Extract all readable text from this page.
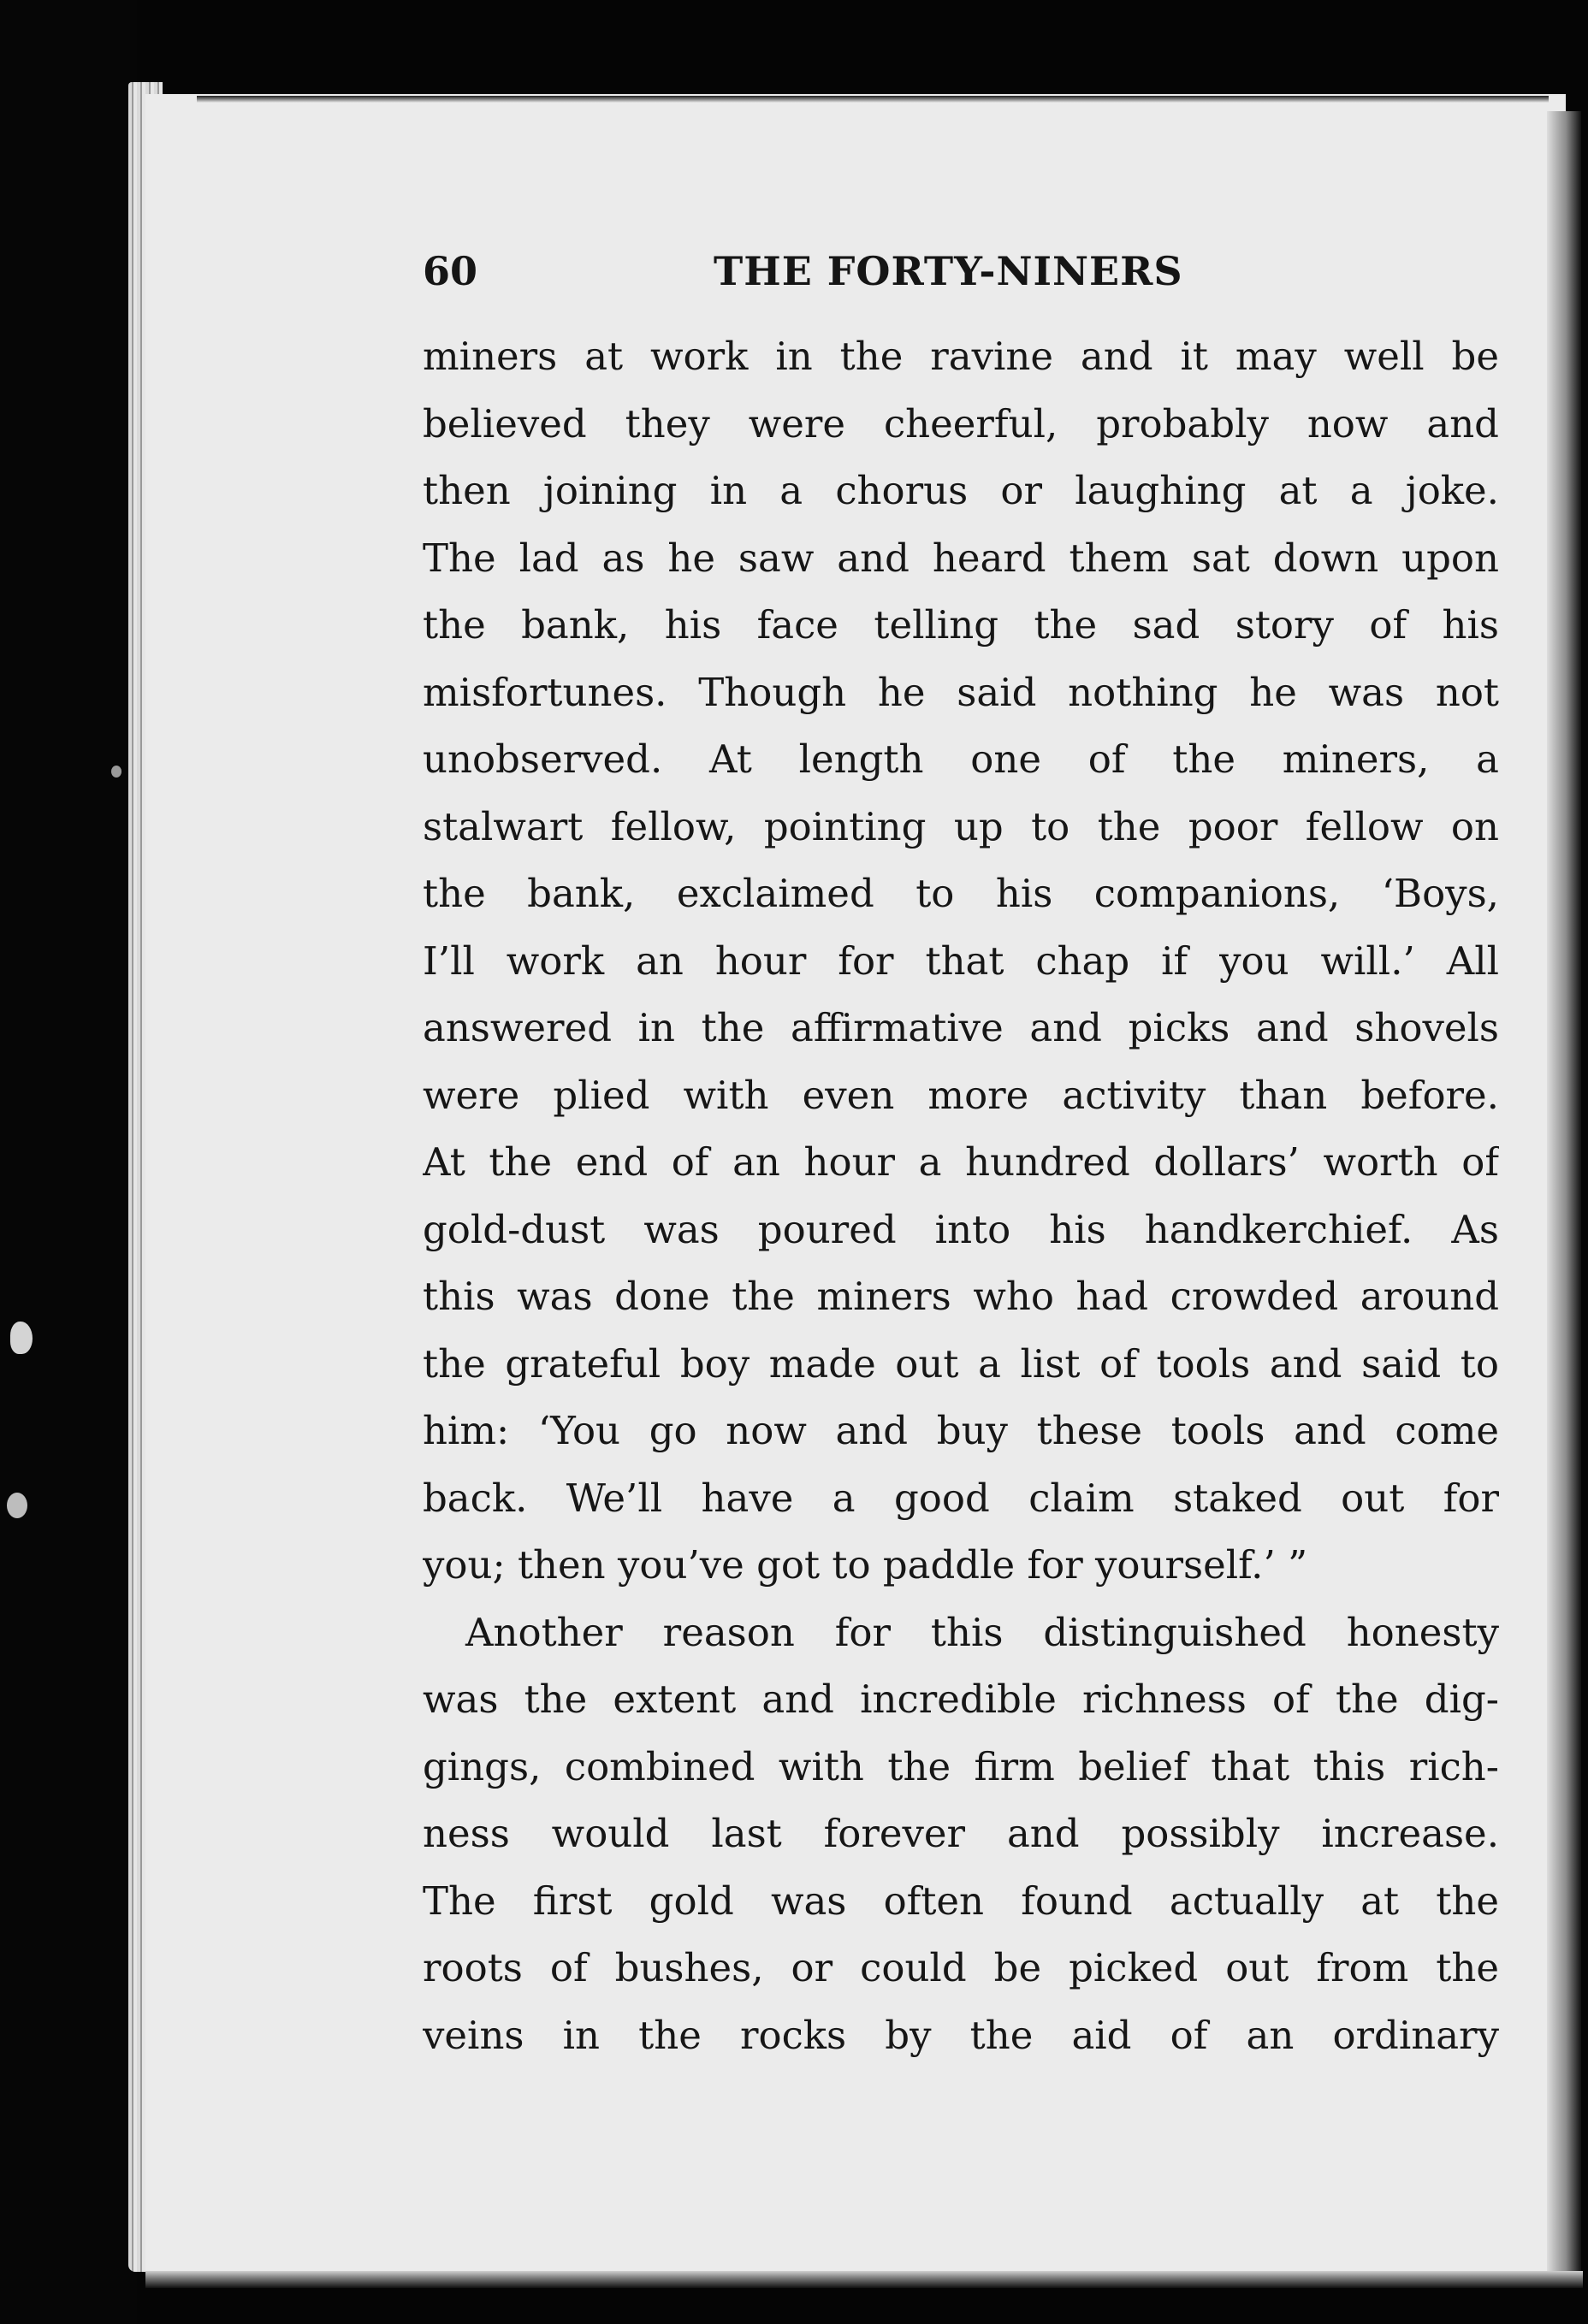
60	THE FORTY-NINERS
miners at work in the ravine and it may well be
believed they were cheerful, probably now and
then joining in a chorus or laughing at a joke.
The lad as he saw and heard them sat down upon
the bank, his face telling the sad story of his
misfortunes. Though he said nothing he was not
unobserved. At length one of the miners, a
stalwart fellow, pointing up to the poor fellow on
the bank, exclaimed to his companions, ‘Boys,
I’ll work an hour for that chap if you will.’ All
answered in the affirmative and picks and shovels
were plied with even more activity than before.
At the end of an hour a hundred dollars’ worth of
gold-dust was poured into his handkerchief. As
this was done the miners who had crowded around
the grateful boy made out a list of tools and said to
him: ‘You go now and buy these tools and come
back. We’ll have a good claim staked out for
you; then you’ve got to paddle for yourself.’ ”
Another reason for this distinguished honesty
was the extent and incredible richness of the dig-
gings, combined with the firm belief that this rich-
ness would last forever and possibly increase.
The first gold was often found actually at the
roots of bushes, or could be picked out from the
veins in the rocks by the aid of an ordinary
